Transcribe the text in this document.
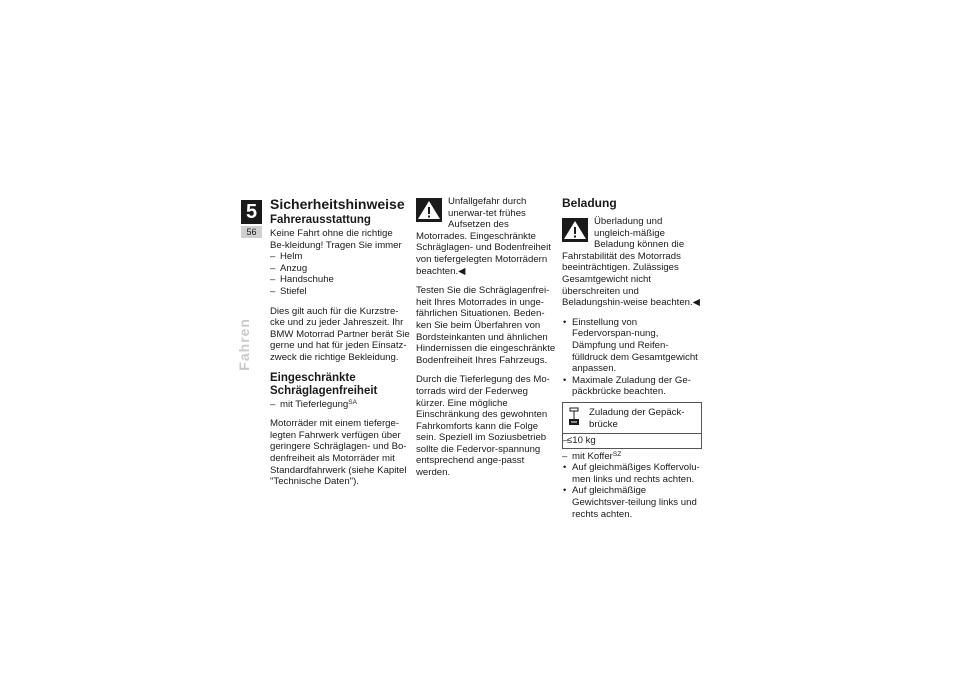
5
56
Fahren
Sicherheitshinweise
Fahrerausstattung

Keine Fahrt ohne die richtige Be-kleidung! Tragen Sie immer

– Helm
– Anzug
– Handschuhe
– Stiefel

Dies gilt auch für die Kurzstre-cke und zu jeder Jahreszeit. Ihr BMW Motorrad Partner berät Sie gerne und hat für jeden Einsatz-zweck die richtige Bekleidung.

Eingeschränkte Schräglagenfreiheit
– mit Tieferlegung$^{SA}$

Motorräder mit einem tieferge-legten Fahrwerk verfügen über geringere Schräglagen- und Bo-denfreiheit als Motorräder mit Standardfahrwerk (siehe Kapitel "Technische Daten").

Unfallgefahr durch unerwar-tet frühes Aufsetzen des Motorrades. Eingeschränkte Schräglagen- und Bodenfreiheit von tiefergelegten Motorrädern beachten.◀

Testen Sie die Schräglagenfrei-heit Ihres Motorrades in unge-fährlichen Situationen. Beden-ken Sie beim Überfahren von Bordsteinkanten und ähnlichen Hindernissen die eingeschränkte Bodenfreiheit Ihres Fahrzeugs.

Durch die Tieferlegung des Mo-torrads wird der Federweg kürzer. Eine mögliche Einschränkung des gewohnten Fahrkomforts kann die Folge sein. Speziell im Soziusbetrieb sollte die Federvor-spannung entsprechend ange-passt werden.

Beladung

Überladung und ungleich-mäßige Beladung können die Fahrstabilität des Motorrads beeinträchtigen. Zulässiges Gesamtgewicht nicht überschreiten und Beladungshin-weise beachten.◀

• Einstellung von Federvorspan-nung, Dämpfung und Reifen-fülldruck dem Gesamtgewicht anpassen.
• Maximale Zuladung der Ge-päckbrücke beachten.
Zuladung der Gepäck-brücke
– ≤10 kg
– mit Koffer$^{SZ}$
• Auf gleichmäßiges Koffervolu-men links und rechts achten.
• Auf gleichmäßige Gewichtsver-teilung links und rechts achten.
